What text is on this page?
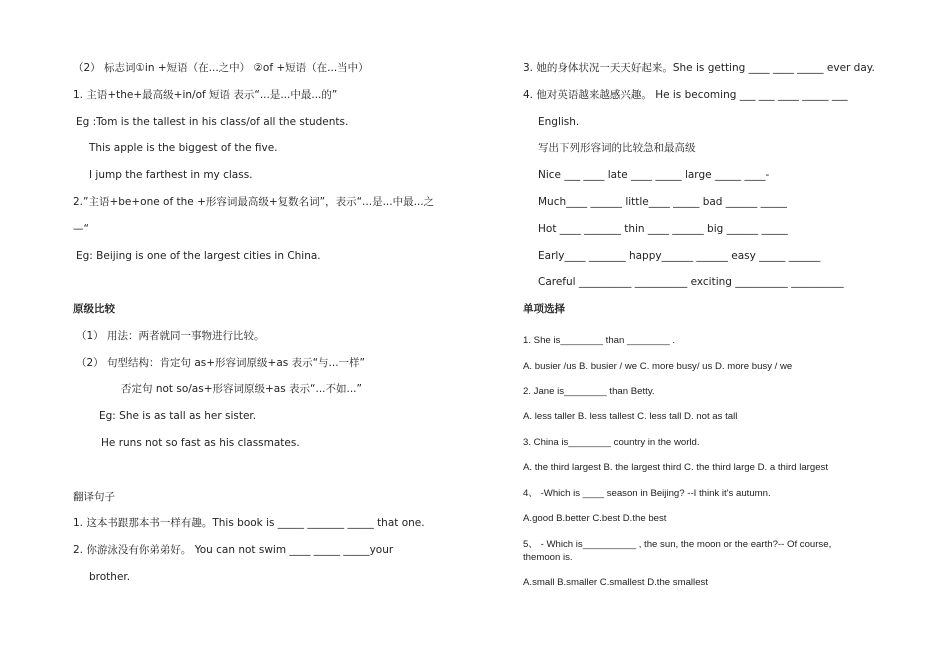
（2） 标志词①in +短语（在...之中） ②of +短语（在...当中）
1. 主语+the+最高级+in/of 短语 表示“...是...中最...的”
Eg :Tom is the tallest in his class/of all the students.
This apple is the biggest of the five.
I jump the farthest in my class.
2.”主语+be+one of the +形容词最高级+复数名词”，表示“...是...中最...之
—“
Eg: Beijing is one of the largest cities in China.
原级比较
（1） 用法：两者就同一事物进行比较。
（2） 句型结构：肯定句 as+形容词原级+as 表示“与...一样”
否定句 not so/as+形容词原级+as 表示“...不如...”
Eg: She is as tall as her sister.
He runs not so fast as his classmates.
翻译句子
1. 这本书跟那本书一样有趣。This book is _____ _______ _____ that one.
2. 你游泳没有你弟弟好。 You can not swim ____ _____ _____your
brother.
3. 她的身体状况一天天好起来。She is getting ____ ____ _____ ever day.
4. 他对英语越来越感兴趣。 He is becoming ___ ___ ____ _____ ___
English.
写出下列形容词的比较急和最高级
Nice ___ ____ late ____ _____ large _____ ____-
Much____ ______ little____ _____ bad ______ _____
Hot ____ _______ thin ____ ______ big ______ _____
Early____ _______ happy______ ______ easy _____ ______
Careful __________ __________ exciting __________ __________
单项选择
1. She is________ than ________ .
A. busier /us B. busier / we C. more busy/ us D. more busy / we
2. Jane is________ than Betty.
A. less taller B. less tallest C. less tall D. not as tall
3. China is________ country in the world.
A. the third largest B. the largest third C. the third large D. a third largest
4、 -Which is ____ season in Beijing? --I think it's autumn.
A.good B.better C.best D.the best
5、 - Which is__________ , the sun, the moon or the earth?-- Of course, themoon is.
A.small B.smaller C.smallest D.the smallest
